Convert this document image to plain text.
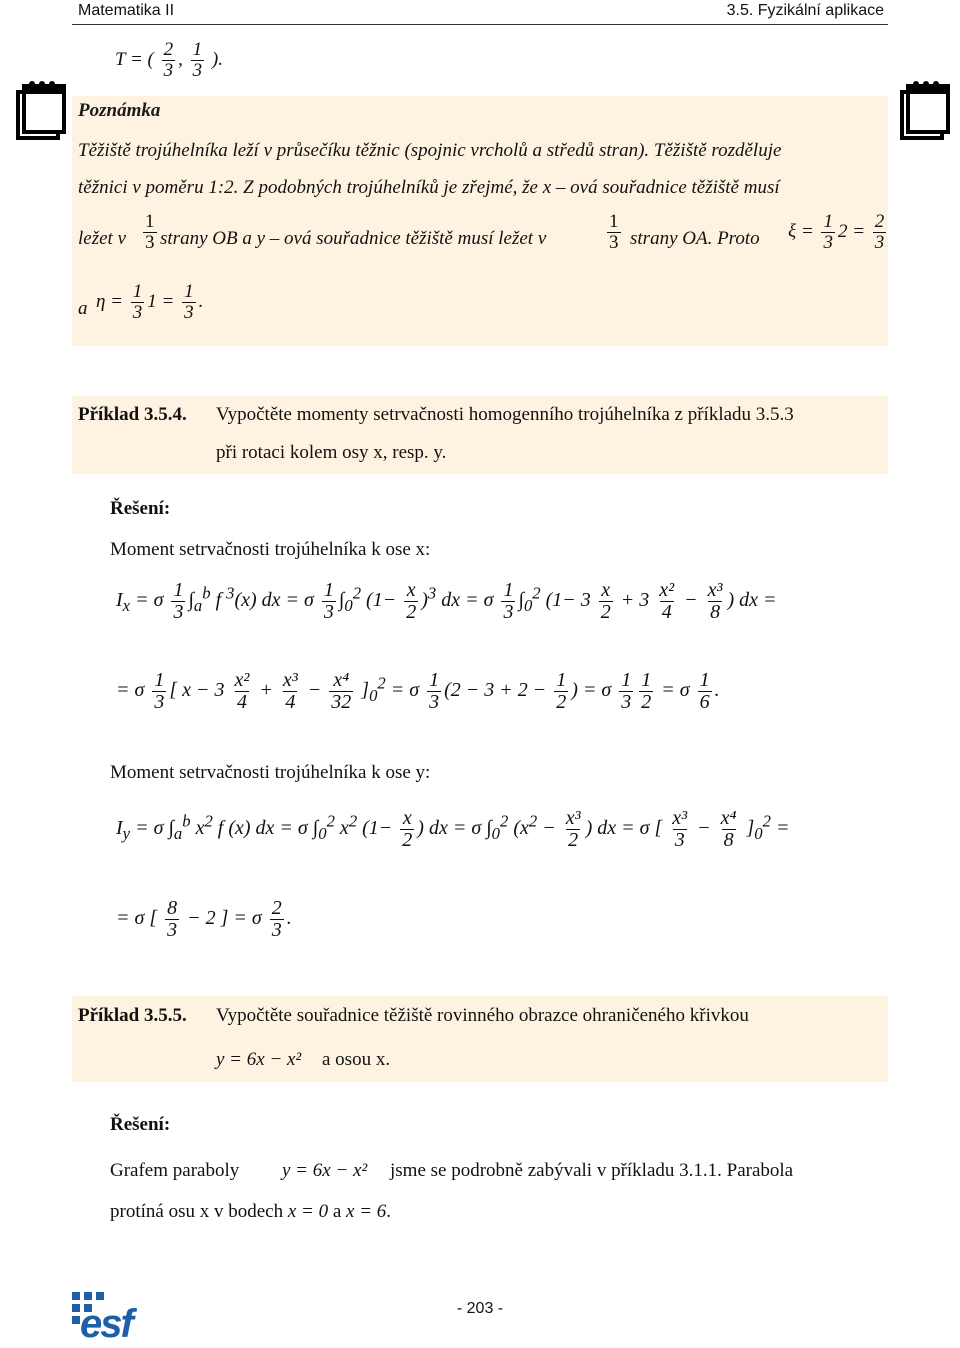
Matematika II	3.5. Fyzikální aplikace
T = ( $\frac{2}{3}$ , $\frac{1}{3}$ ).
Poznámka
Těžiště trojúhelníka leží v průsečíku těžnic (spojnic vrcholů a středů stran). Těžiště rozděluje
těžnici v poměru 1:2. Z podobných trojúhelníků je zřejmé, že x – ová souřadnice těžiště musí
ležet v $\frac{1}{3}$ strany OB a y – ová souřadnice těžiště musí ležet v	$\frac{1}{3}$ strany OA. Proto $\xi = \frac{1}{3} 2 = \frac{2}{3}$
a $\eta = \frac{1}{3} 1 = \frac{1}{3}$ .
Příklad 3.5.4. Vypočtěte momenty setrvačnosti homogenního trojúhelníka z příkladu 3.5.3
při rotaci kolem osy x, resp. y.
Řešení:
Moment setrvačnosti trojúhelníka k ose x:
$I_x = \sigma \frac{1}{3} \int_a^b$ f $^3$(x) dx = σ $\frac{1}{3} \int_0^2$ $(1- \frac{x}{2} )^3$ dx = σ $\frac{1}{3} \int_0^2$ ($1- 3 \frac{x}{2} + 3 \frac{\text{x²}}{4} - \frac{\text{x³}}{8}$ ) dx =
= σ $\frac{1}{3}$ [ $x - 3 \frac{\text{x²}}{4} + \frac{\text{x³}}{4} - \frac{\text{x⁴}}{32} ]_0^2 = \sigma \frac{1}{3} (2 - 3 + 2 - \frac{1}{2}$ ) = σ $\frac{1}{3} \frac{1}{2} = \sigma \frac{1}{6}$ .
Moment setrvačnosti trojúhelníka k ose y:
$I_y = \sigma$ $\int_a^b$ $x^2$ f (x) dx = σ $\int_0^2$ $x^2$ ($1- \frac{x}{2}$ ) dx = σ $\int_0^2$ ($x^2 - \frac{\text{x³}}{2}$ ) dx = σ [ $\frac{\text{x³}}{3} - \frac{\text{x⁴}}{8} ]_0^2$ =
= σ [ $\frac{8}{3} - 2$ ] = σ $\frac{2}{3}$ .
Příklad 3.5.5. Vypočtěte souřadnice těžiště rovinného obrazce ohraničeného křivkou
y = 6x − x² a osou x.
Řešení:
Grafem paraboly y = 6x − x² jsme se podrobně zabývali v příkladu 3.1.1. Parabola
protíná osu x v bodech x = 0 a x = 6.
esf	- 203 -
